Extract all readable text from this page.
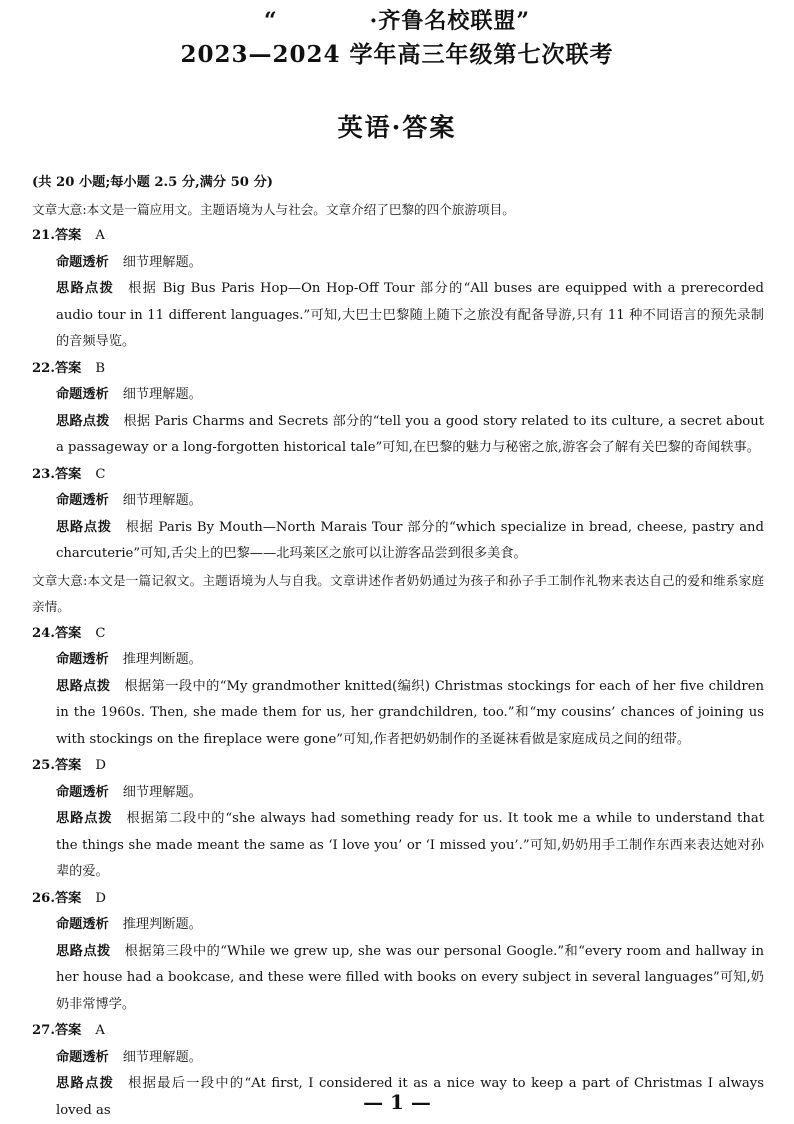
“　　　　·齐鲁名校联盟”
2023—2024 学年高三年级第七次联考
英语·答案
(共 20 小题;每小题 2.5 分,满分 50 分)
文章大意:本文是一篇应用文。主题语境为人与社会。文章介绍了巴黎的四个旅游项目。
21.答案 A
命题透析 细节理解题。
思路点拨 根据 Big Bus Paris Hop—On Hop-Off Tour 部分的“All buses are equipped with a prerecorded audio tour in 11 different languages.”可知,大巴士巴黎随上随下之旅没有配备导游,只有 11 种不同语言的预先录制的音频导览。
22.答案 B
命题透析 细节理解题。
思路点拨 根据 Paris Charms and Secrets 部分的“tell you a good story related to its culture, a secret about a passageway or a long-forgotten historical tale”可知,在巴黎的魅力与秘密之旅,游客会了解有关巴黎的奇闻轶事。
23.答案 C
命题透析 细节理解题。
思路点拨 根据 Paris By Mouth—North Marais Tour 部分的“which specialize in bread, cheese, pastry and charcuterie”可知,舌尖上的巴黎——北玛莱区之旅可以让游客品尝到很多美食。
文章大意:本文是一篇记叙文。主题语境为人与自我。文章讲述作者奶奶通过为孩子和孙子手工制作礼物来表达自己的爱和维系家庭亲情。
24.答案 C
命题透析 推理判断题。
思路点拨 根据第一段中的“My grandmother knitted(编织) Christmas stockings for each of her five children in the 1960s. Then, she made them for us, her grandchildren, too.”和“my cousins’ chances of joining us with stockings on the fireplace were gone”可知,作者把奶奶制作的圣诞袜看做是家庭成员之间的纽带。
25.答案 D
命题透析 细节理解题。
思路点拨 根据第二段中的“she always had something ready for us. It took me a while to understand that the things she made meant the same as ‘I love you’ or ‘I missed you’.”可知,奶奶用手工制作东西来表达她对孙辈的爱。
26.答案 D
命题透析 推理判断题。
思路点拨 根据第三段中的“While we grew up, she was our personal Google.”和“every room and hallway in her house had a bookcase, and these were filled with books on every subject in several languages”可知,奶奶非常博学。
27.答案 A
命题透析 细节理解题。
思路点拨 根据最后一段中的“At first, I considered it as a nice way to keep a part of Christmas I always loved as	— 1 —
